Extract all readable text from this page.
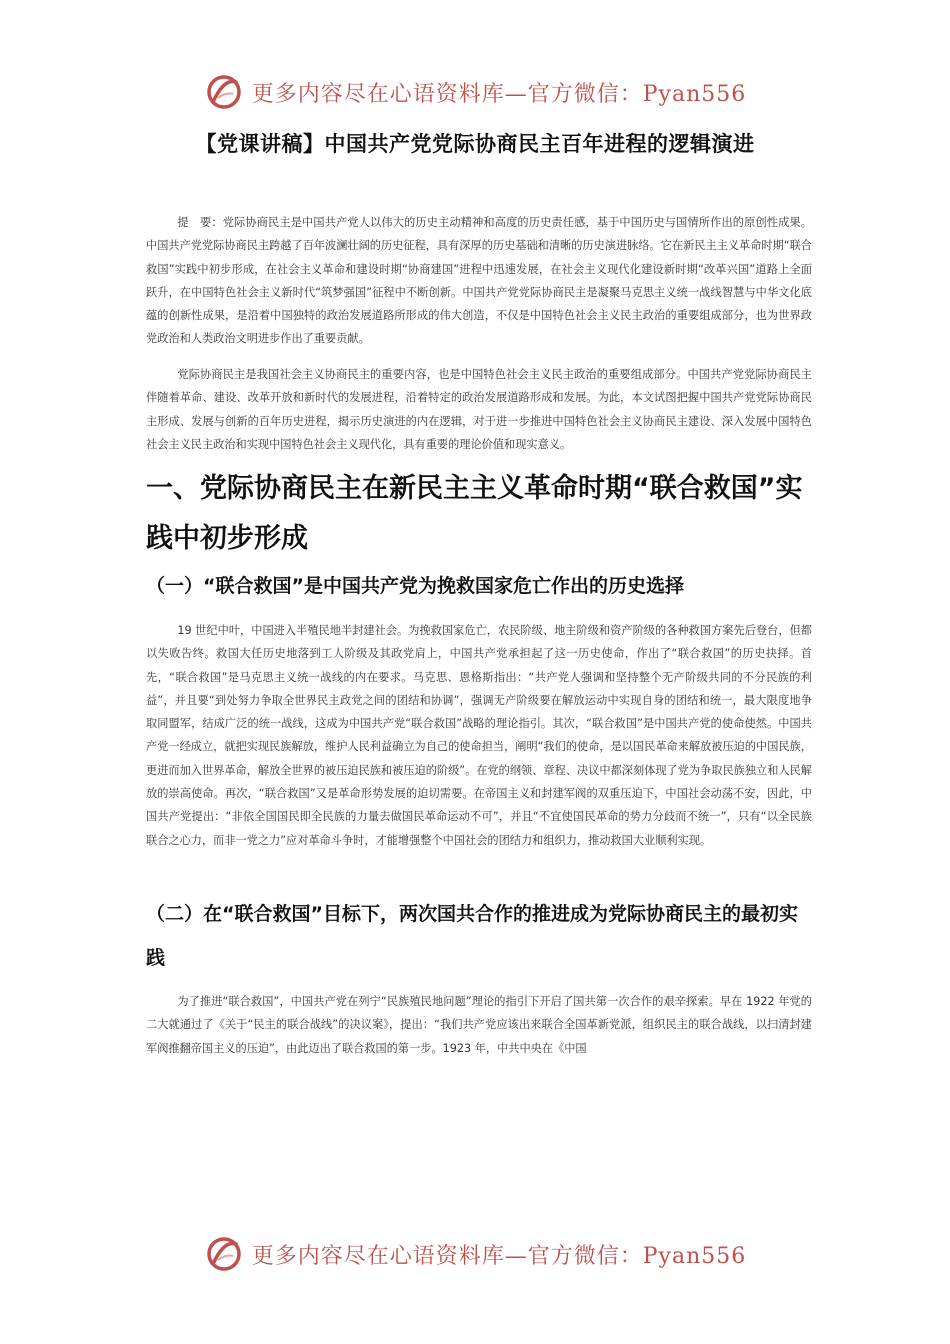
更多内容尽在心语资料库—官方微信：Pyan556
【党课讲稿】中国共产党党际协商民主百年进程的逻辑演进

提　要：党际协商民主是中国共产党人以伟大的历史主动精神和高度的历史责任感，基于中国历史与国情所作出的原创性成果。中国共产党党际协商民主跨越了百年波澜壮阔的历史征程，具有深厚的历史基础和清晰的历史演进脉络。它在新民主主义革命时期“联合救国”实践中初步形成，在社会主义革命和建设时期“协商建国”进程中迅速发展，在社会主义现代化建设新时期“改革兴国”道路上全面跃升，在中国特色社会主义新时代“筑梦强国”征程中不断创新。中国共产党党际协商民主是凝聚马克思主义统一战线智慧与中华文化底蕴的创新性成果，是沿着中国独特的政治发展道路所形成的伟大创造，不仅是中国特色社会主义民主政治的重要组成部分，也为世界政党政治和人类政治文明进步作出了重要贡献。

党际协商民主是我国社会主义协商民主的重要内容，也是中国特色社会主义民主政治的重要组成部分。中国共产党党际协商民主伴随着革命、建设、改革开放和新时代的发展进程，沿着特定的政治发展道路形成和发展。为此，本文试图把握中国共产党党际协商民主形成、发展与创新的百年历史进程，揭示历史演进的内在逻辑，对于进一步推进中国特色社会主义协商民主建设、深入发展中国特色社会主义民主政治和实现中国特色社会主义现代化，具有重要的理论价值和现实意义。

一、党际协商民主在新民主主义革命时期“联合救国”实践中初步形成
（一）“联合救国”是中国共产党为挽救国家危亡作出的历史选择

19 世纪中叶，中国进入半殖民地半封建社会。为挽救国家危亡，农民阶级、地主阶级和资产阶级的各种救国方案先后登台，但都以失败告终。救国大任历史地落到工人阶级及其政党肩上，中国共产党承担起了这一历史使命，作出了“联合救国”的历史抉择。首先，“联合救国”是马克思主义统一战线的内在要求。马克思、恩格斯指出：“共产党人强调和坚持整个无产阶级共同的不分民族的利益”，并且要“到处努力争取全世界民主政党之间的团结和协调”，强调无产阶级要在解放运动中实现自身的团结和统一，最大限度地争取同盟军，结成广泛的统一战线，这成为中国共产党“联合救国”战略的理论指引。其次，“联合救国”是中国共产党的使命使然。中国共产党一经成立，就把实现民族解放，维护人民利益确立为自己的使命担当，阐明“我们的使命，是以国民革命来解放被压迫的中国民族，更进而加入世界革命，解放全世界的被压迫民族和被压迫的阶级”。在党的纲领、章程、决议中都深刻体现了党为争取民族独立和人民解放的崇高使命。再次，“联合救国”又是革命形势发展的迫切需要。在帝国主义和封建军阀的双重压迫下，中国社会动荡不安，因此，中国共产党提出：“非依全国国民即全民族的力量去做国民革命运动不可”，并且“不宜使国民革命的势力分歧而不统一”，只有“以全民族联合之心力，而非一党之力”应对革命斗争时，才能增强整个中国社会的团结力和组织力，推动救国大业顺利实现。

（二）在“联合救国”目标下，两次国共合作的推进成为党际协商民主的最初实践

为了推进“联合救国”，中国共产党在列宁“民族殖民地问题”理论的指引下开启了国共第一次合作的艰辛探索。早在 1922 年党的二大就通过了《关于“民主的联合战线”的决议案》，提出：“我们共产党应该出来联合全国革新党派，组织民主的联合战线，以扫清封建军阀推翻帝国主义的压迫”，由此迈出了联合救国的第一步。1923 年，中共中央在《中国

更多内容尽在心语资料库—官方微信：Pyan556
